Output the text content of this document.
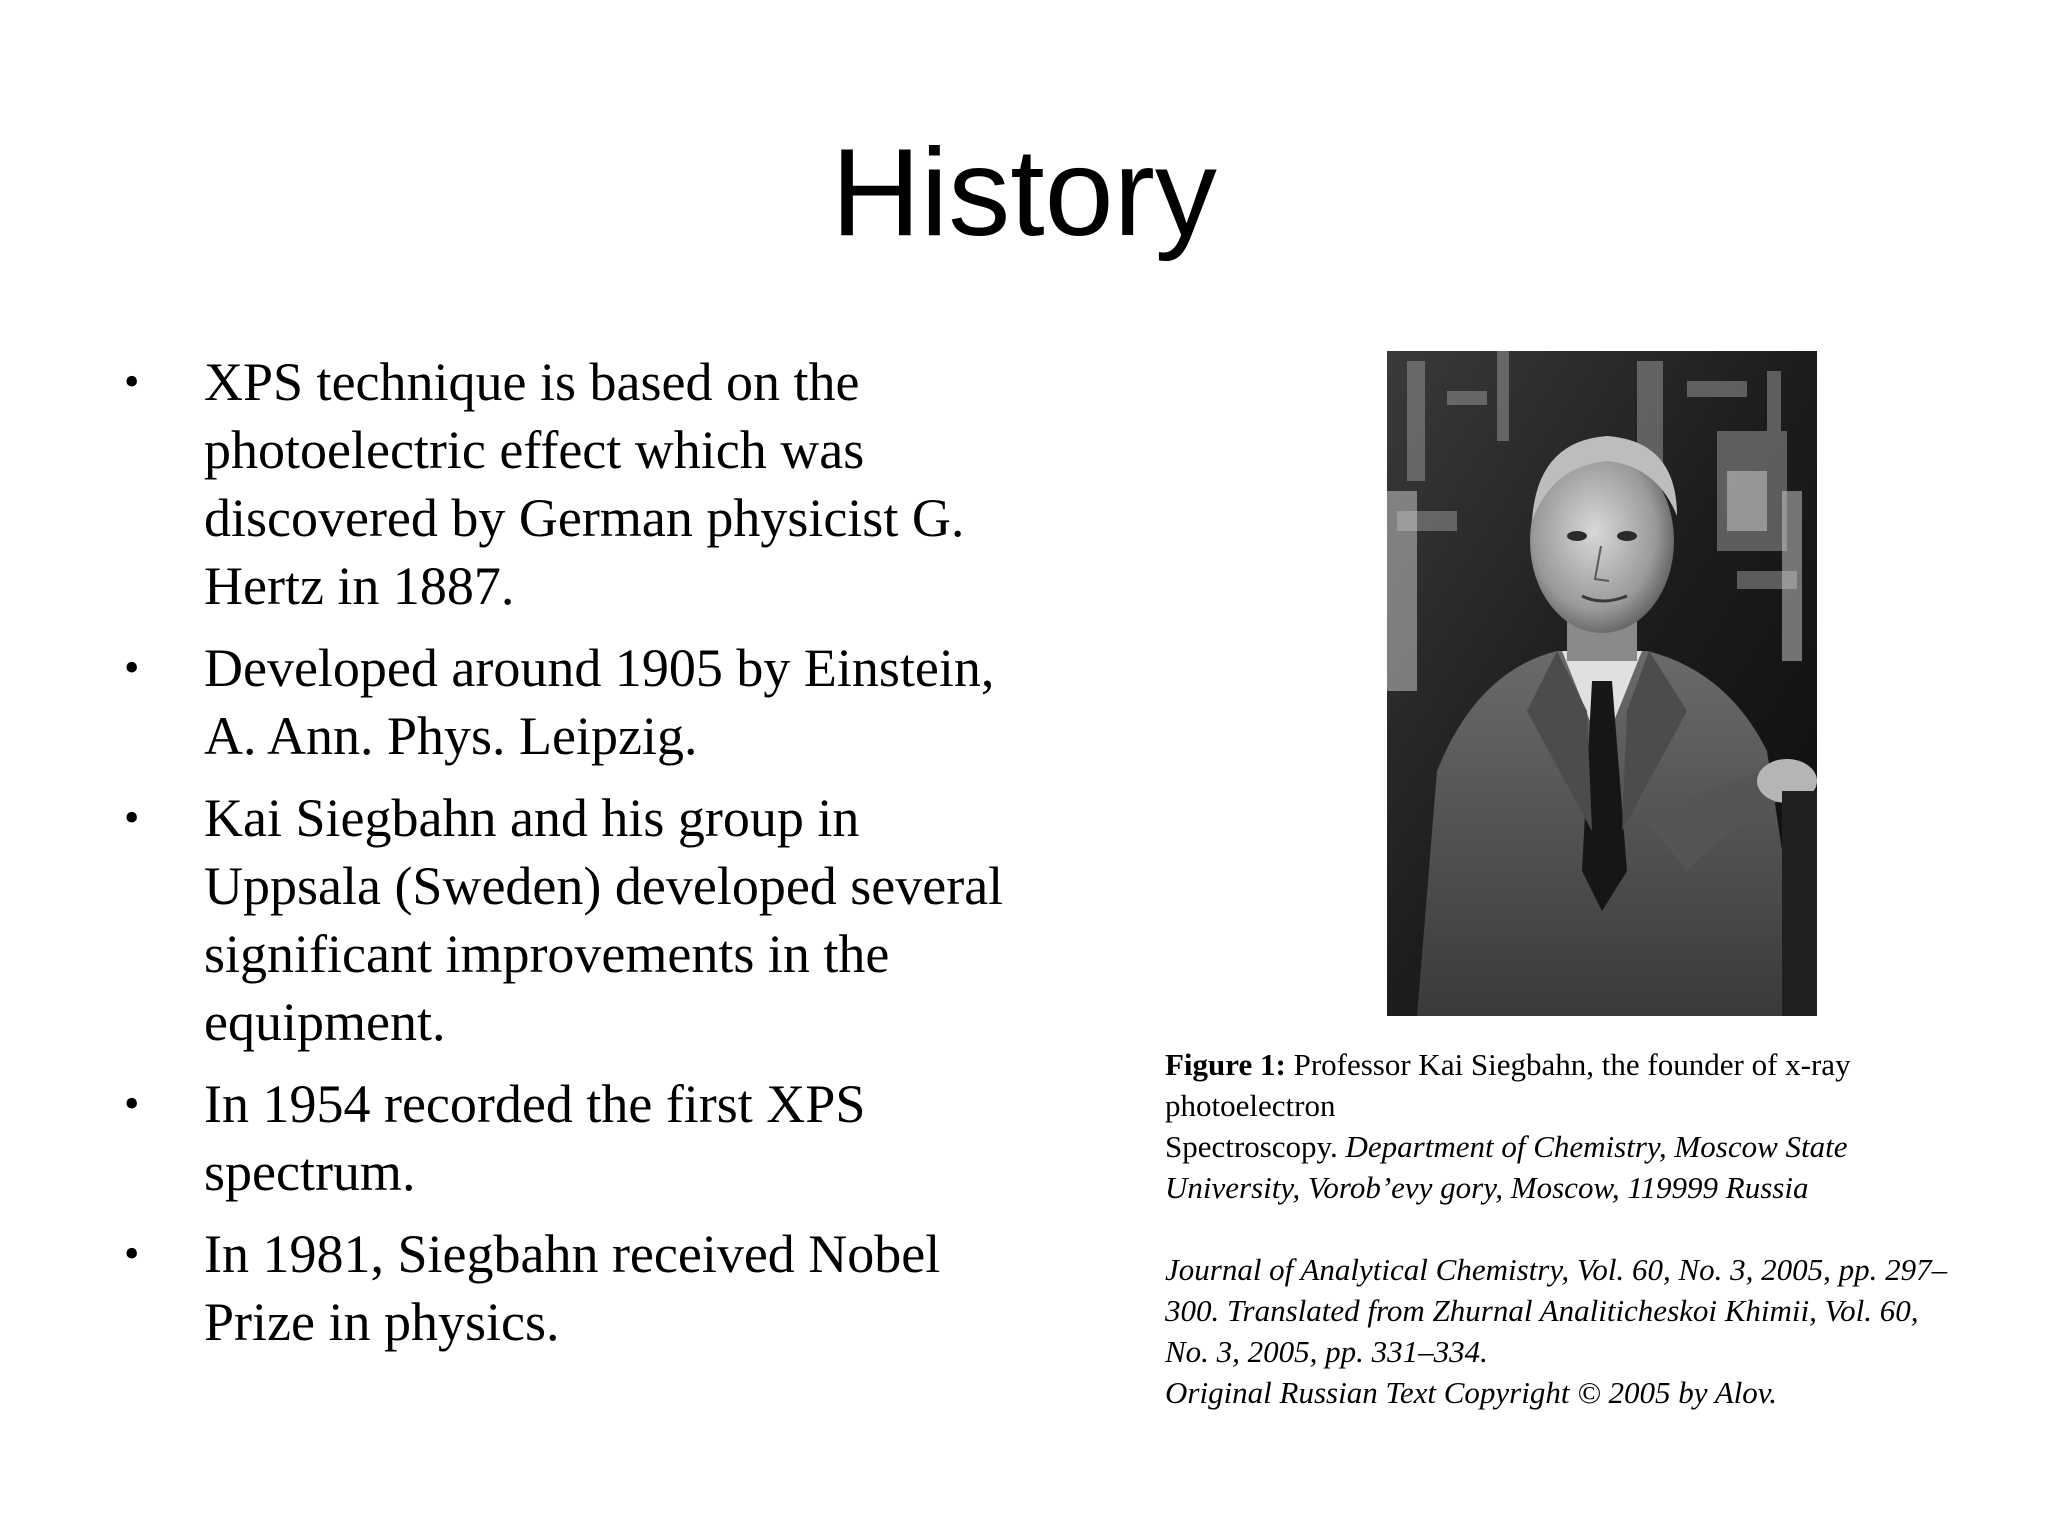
History
• XPS technique is based on the photoelectric effect which was discovered by German physicist G. Hertz in 1887.
• Developed around 1905 by Einstein, A. Ann. Phys. Leipzig.
• Kai Siegbahn and his group in Uppsala (Sweden) developed several significant improvements in the equipment.
• In 1954 recorded the first XPS spectrum.
• In 1981, Siegbahn received Nobel Prize in physics.

Figure 1: Professor Kai Siegbahn, the founder of x-ray

photoelectron

Spectroscopy. Department of Chemistry, Moscow State

University, Vorob’evy gory, Moscow, 119999 Russia

Journal of Analytical Chemistry, Vol. 60, No. 3, 2005, pp. 297–

300. Translated from Zhurnal Analiticheskoi Khimii, Vol. 60,

No. 3, 2005, pp. 331–334.

Original Russian Text Copyright © 2005 by Alov.
